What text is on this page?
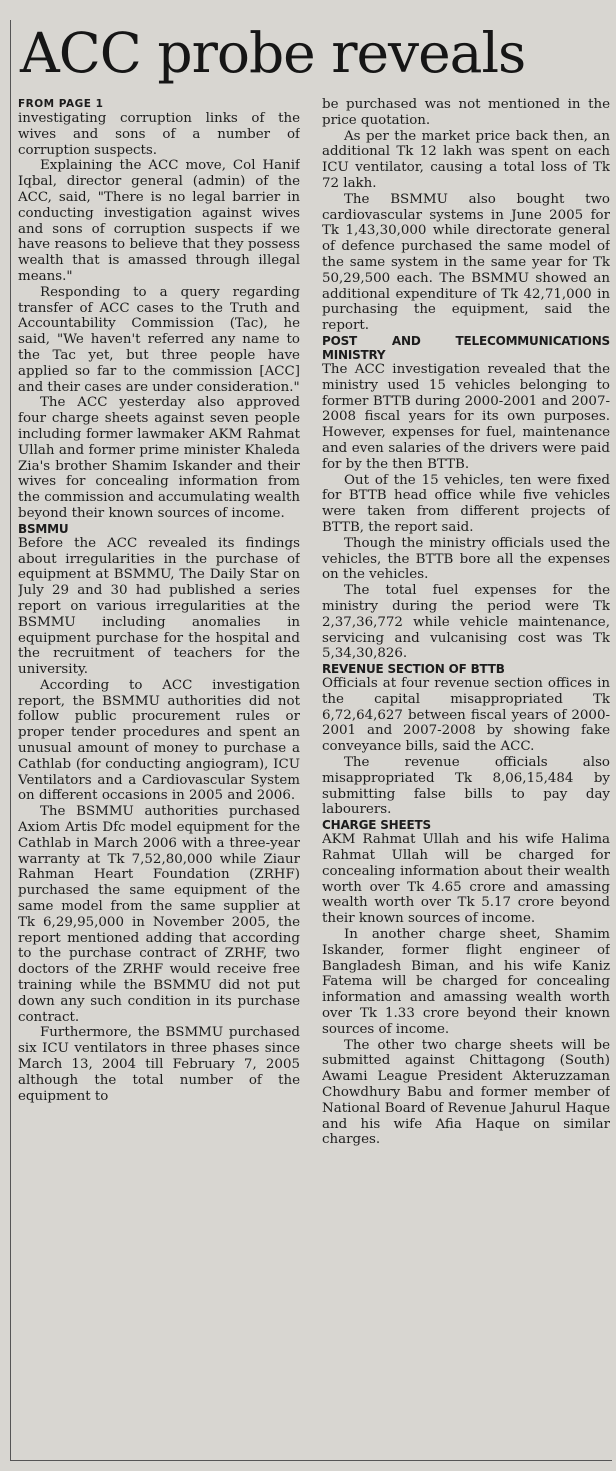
ACC probe reveals
FROM PAGE 1

investigating corruption links of the wives and sons of a number of corruption suspects.

Explaining the ACC move, Col Hanif Iqbal, director general (admin) of the ACC, said, "There is no legal barrier in conducting investigation against wives and sons of corruption suspects if we have reasons to believe that they possess wealth that is amassed through illegal means."

Responding to a query regarding transfer of ACC cases to the Truth and Accountability Commission (Tac), he said, "We haven't referred any name to the Tac yet, but three people have applied so far to the commission [ACC] and their cases are under consideration."

The ACC yesterday also approved four charge sheets against seven people including former lawmaker AKM Rahmat Ullah and former prime minister Khaleda Zia's brother Shamim Iskander and their wives for concealing information from the commission and accumulating wealth beyond their known sources of income.

BSMMU

Before the ACC revealed its findings about irregularities in the purchase of equipment at BSMMU, The Daily Star on July 29 and 30 had published a series report on various irregularities at the BSMMU including anomalies in equipment purchase for the hospital and the recruitment of teachers for the university.

According to ACC investigation report, the BSMMU authorities did not follow public procurement rules or proper tender procedures and spent an unusual amount of money to purchase a Cathlab (for conducting angiogram), ICU Ventilators and a Cardiovascular System on different occasions in 2005 and 2006.

The BSMMU authorities purchased Axiom Artis Dfc model equipment for the Cathlab in March 2006 with a three-year warranty at Tk 7,52,80,000 while Ziaur Rahman Heart Foundation (ZRHF) purchased the same equipment of the same model from the same supplier at Tk 6,29,95,000 in November 2005, the report mentioned adding that according to the purchase contract of ZRHF, two doctors of the ZRHF would receive free training while the BSMMU did not put down any such condition in its purchase contract.

Furthermore, the BSMMU purchased six ICU ventilators in three phases since March 13, 2004 till February 7, 2005 although the total number of the equipment to

be purchased was not mentioned in the price quotation.

As per the market price back then, an additional Tk 12 lakh was spent on each ICU ventilator, causing a total loss of Tk 72 lakh.

The BSMMU also bought two cardiovascular systems in June 2005 for Tk 1,43,30,000 while directorate general of defence purchased the same model of the same system in the same year for Tk 50,29,500 each. The BSMMU showed an additional expenditure of Tk 42,71,000 in purchasing the equipment, said the report.

POST AND TELECOMMUNICATIONS MINISTRY

The ACC investigation revealed that the ministry used 15 vehicles belonging to former BTTB during 2000-2001 and 2007-2008 fiscal years for its own purposes. However, expenses for fuel, maintenance and even salaries of the drivers were paid for by the then BTTB.

Out of the 15 vehicles, ten were fixed for BTTB head office while five vehicles were taken from different projects of BTTB, the report said.

Though the ministry officials used the vehicles, the BTTB bore all the expenses on the vehicles.

The total fuel expenses for the ministry during the period were Tk 2,37,36,772 while vehicle maintenance, servicing and vulcanising cost was Tk 5,34,30,826.

REVENUE SECTION OF BTTB

Officials at four revenue section offices in the capital misappropriated Tk 6,72,64,627 between fiscal years of 2000-2001 and 2007-2008 by showing fake conveyance bills, said the ACC.

The revenue officials also misappropriated Tk 8,06,15,484 by submitting false bills to pay day labourers.

CHARGE SHEETS

AKM Rahmat Ullah and his wife Halima Rahmat Ullah will be charged for concealing information about their wealth worth over Tk 4.65 crore and amassing wealth worth over Tk 5.17 crore beyond their known sources of income.

In another charge sheet, Shamim Iskander, former flight engineer of Bangladesh Biman, and his wife Kaniz Fatema will be charged for concealing information and amassing wealth worth over Tk 1.33 crore beyond their known sources of income.

The other two charge sheets will be submitted against Chittagong (South) Awami League President Akteruzzaman Chowdhury Babu and former member of National Board of Revenue Jahurul Haque and his wife Afia Haque on similar charges.
